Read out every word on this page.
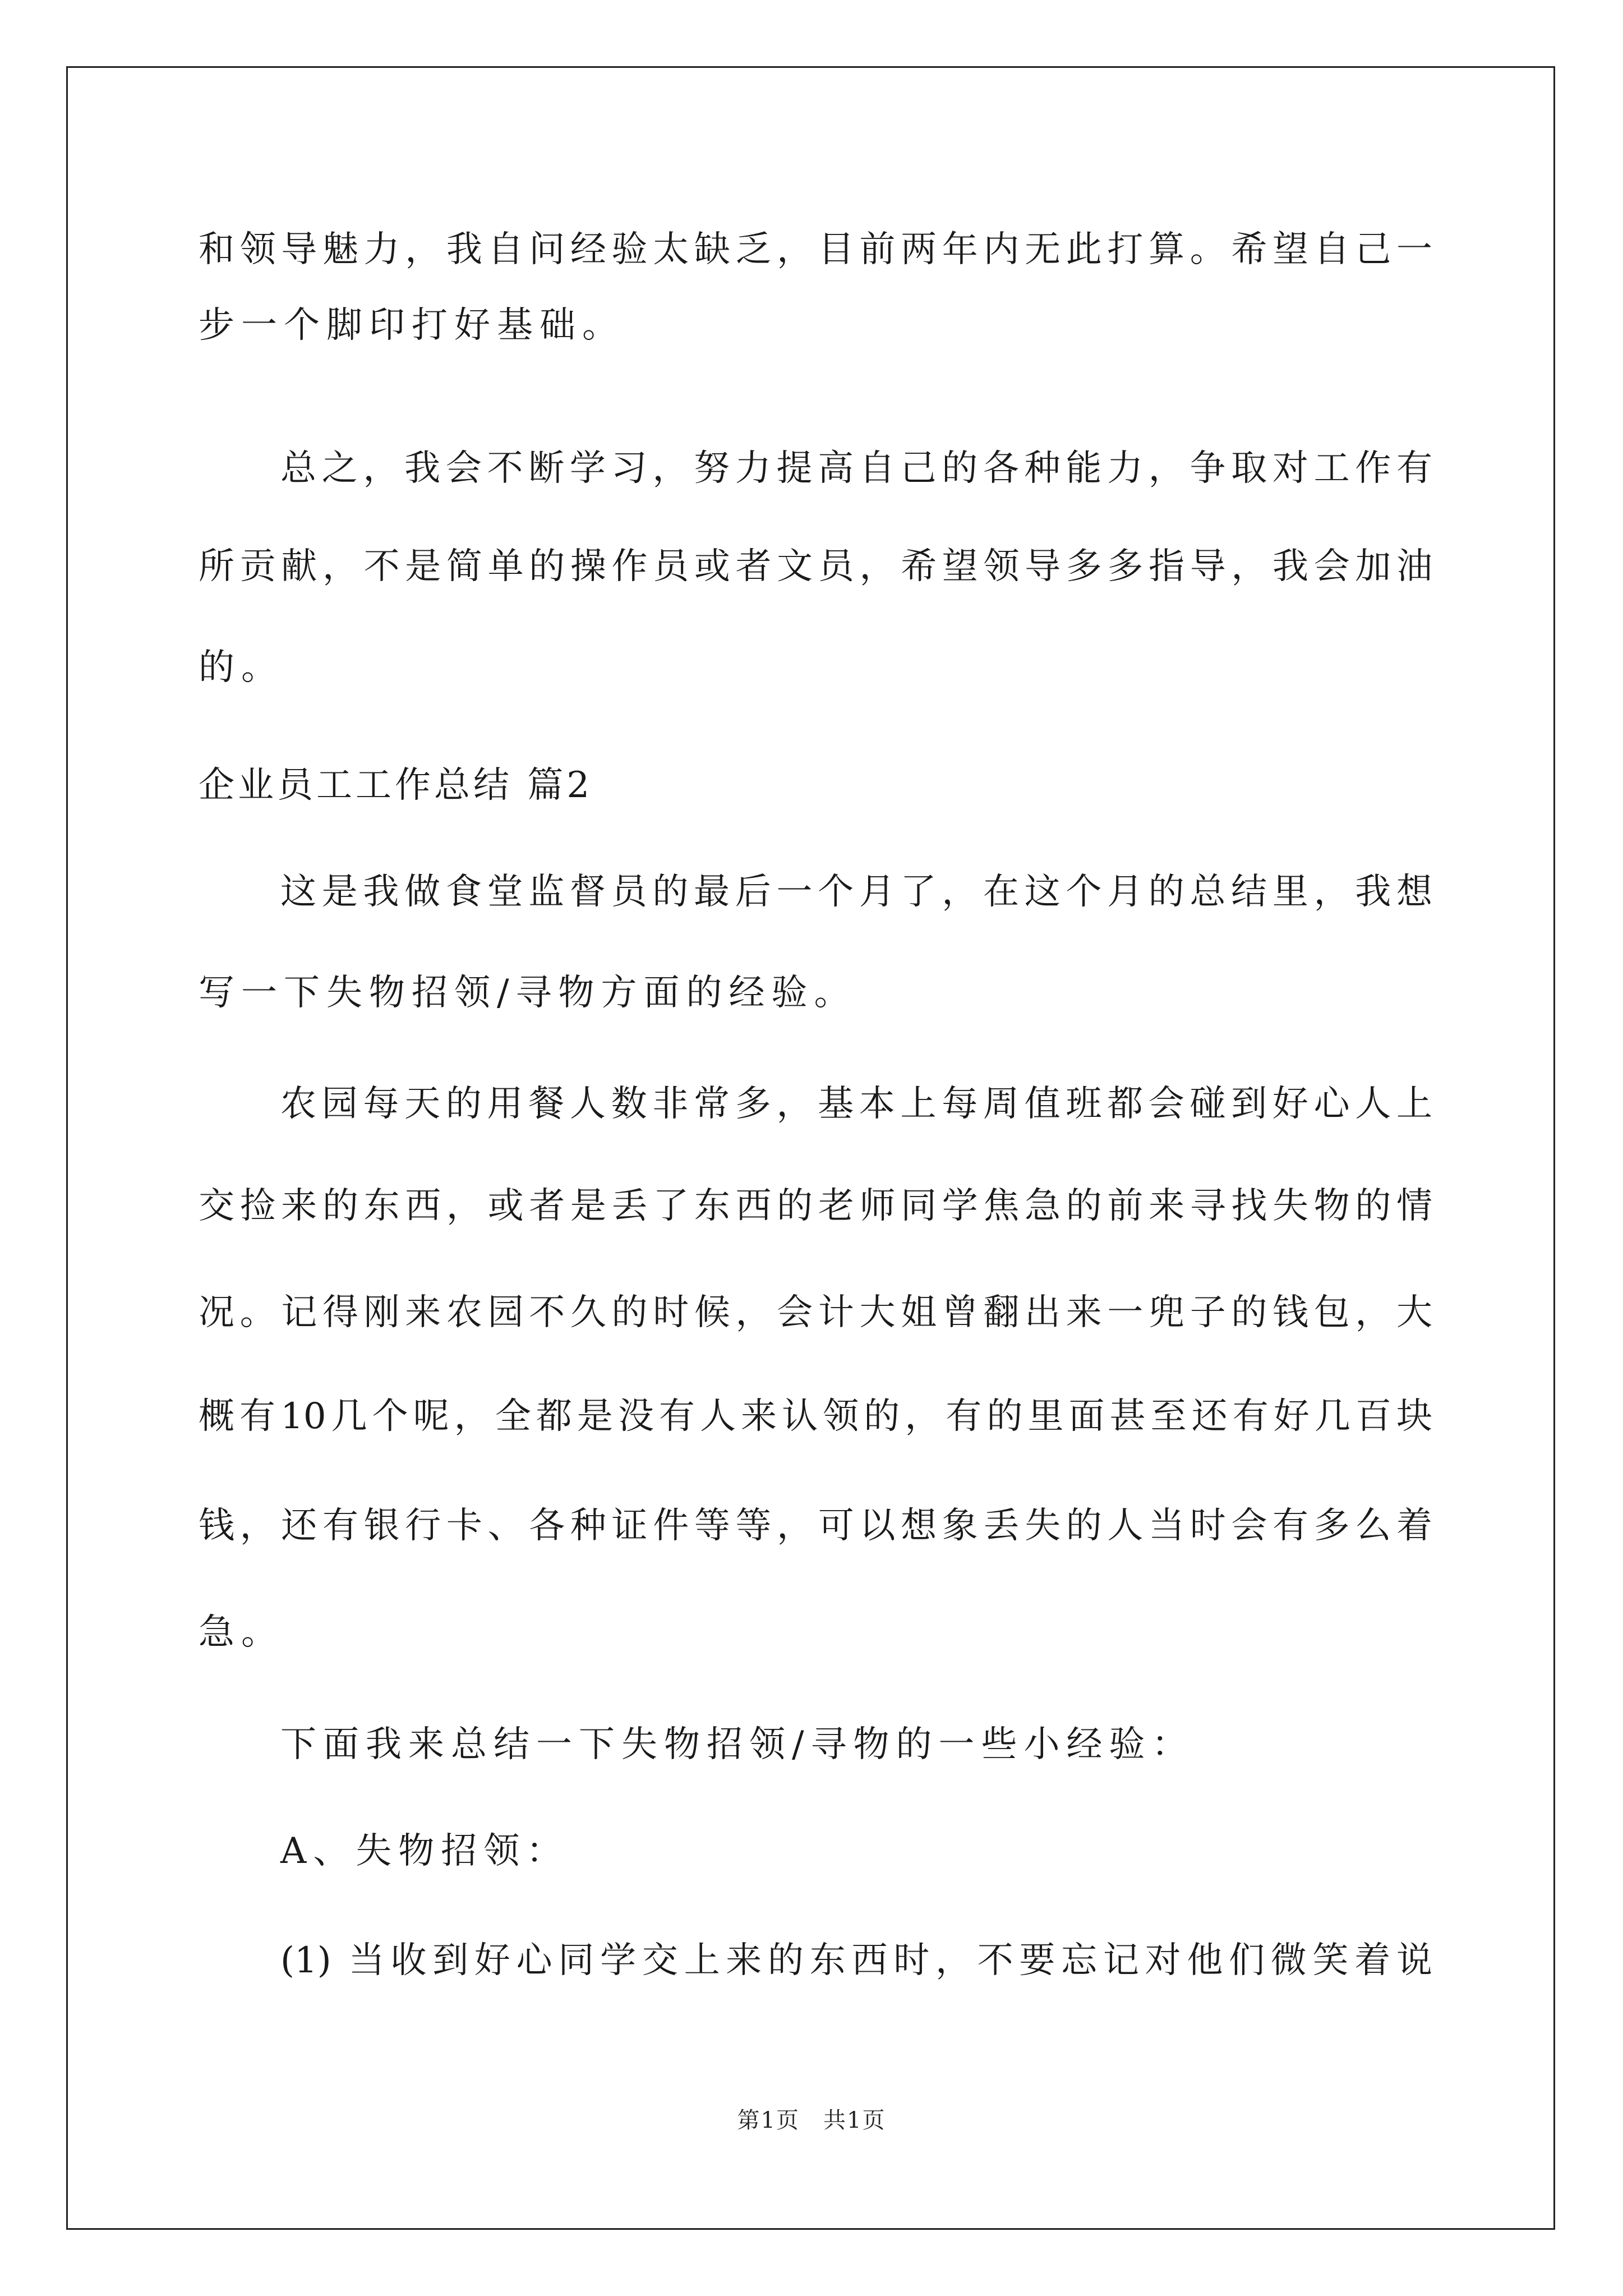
和领导魅力，我自问经验太缺乏，目前两年内无此打算。希望自己一
步一个脚印打好基础。
总之，我会不断学习，努力提高自己的各种能力，争取对工作有
所贡献，不是简单的操作员或者文员，希望领导多多指导，我会加油
的。
企业员工工作总结 篇2
这是我做食堂监督员的最后一个月了，在这个月的总结里，我想
写一下失物招领/寻物方面的经验。
农园每天的用餐人数非常多，基本上每周值班都会碰到好心人上
交捡来的东西，或者是丢了东西的老师同学焦急的前来寻找失物的情
况。记得刚来农园不久的时候，会计大姐曾翻出来一兜子的钱包，大
概有10几个呢，全都是没有人来认领的，有的里面甚至还有好几百块
钱，还有银行卡、各种证件等等，可以想象丢失的人当时会有多么着
急。
下面我来总结一下失物招领/寻物的一些小经验：
A、失物招领：
(1) 当收到好心同学交上来的东西时，不要忘记对他们微笑着说
第1页　共1页
